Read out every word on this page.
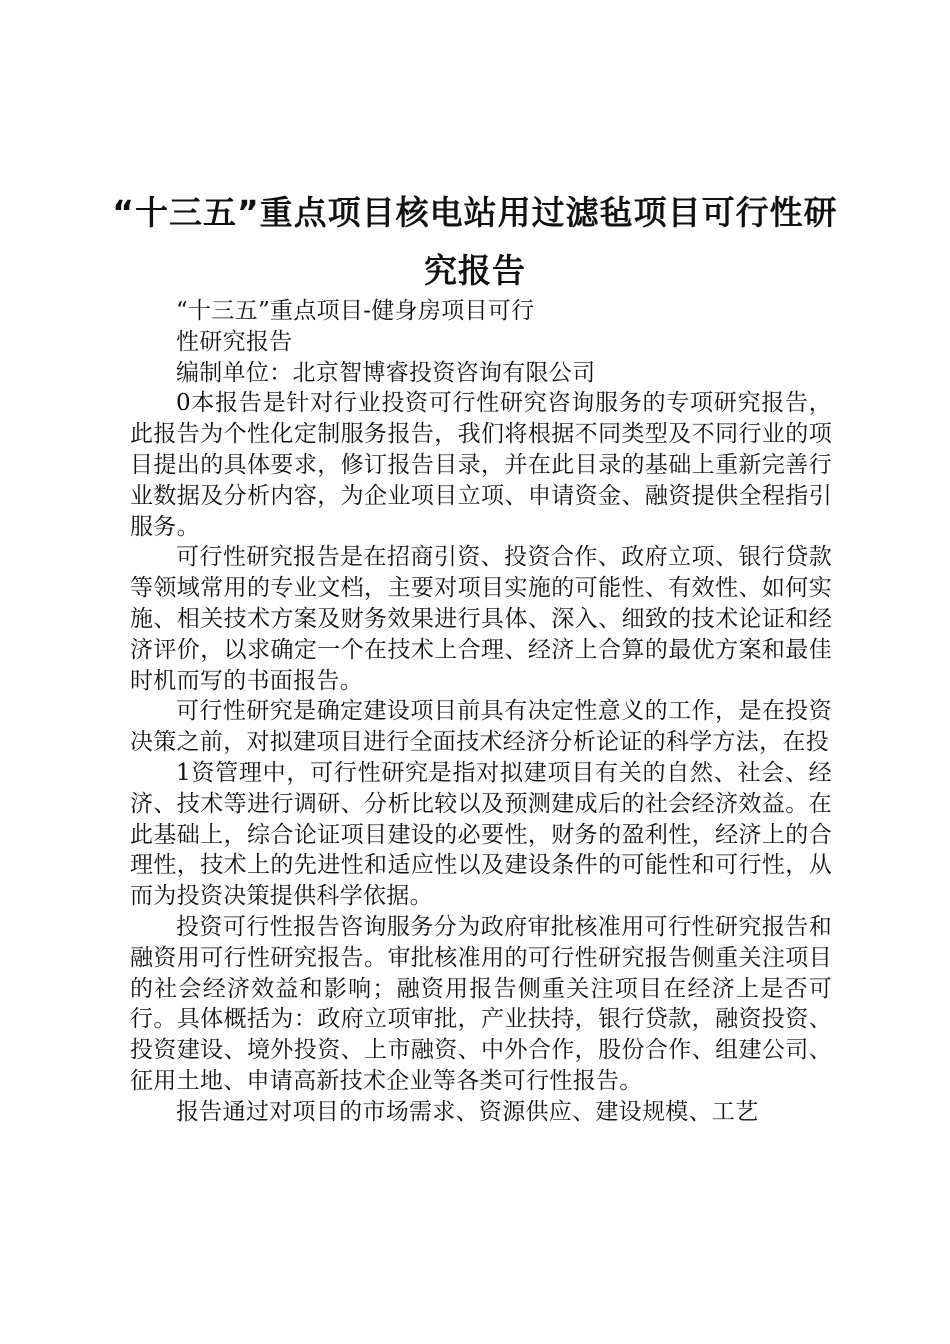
“十三五”重点项目核电站用过滤毡项目可行性研究报告

“十三五”重点项目-健身房项目可行

性研究报告

编制单位：北京智博睿投资咨询有限公司

0本报告是针对行业投资可行性研究咨询服务的专项研究报告，此报告为个性化定制服务报告，我们将根据不同类型及不同行业的项目提出的具体要求，修订报告目录，并在此目录的基础上重新完善行业数据及分析内容，为企业项目立项、申请资金、融资提供全程指引服务。

可行性研究报告是在招商引资、投资合作、政府立项、银行贷款等领域常用的专业文档，主要对项目实施的可能性、有效性、如何实施、相关技术方案及财务效果进行具体、深入、细致的技术论证和经济评价，以求确定一个在技术上合理、经济上合算的最优方案和最佳时机而写的书面报告。

可行性研究是确定建设项目前具有决定性意义的工作，是在投资决策之前，对拟建项目进行全面技术经济分析论证的科学方法，在投

1资管理中，可行性研究是指对拟建项目有关的自然、社会、经济、技术等进行调研、分析比较以及预测建成后的社会经济效益。在此基础上，综合论证项目建设的必要性，财务的盈利性，经济上的合理性，技术上的先进性和适应性以及建设条件的可能性和可行性，从而为投资决策提供科学依据。

投资可行性报告咨询服务分为政府审批核准用可行性研究报告和融资用可行性研究报告。审批核准用的可行性研究报告侧重关注项目的社会经济效益和影响；融资用报告侧重关注项目在经济上是否可行。具体概括为：政府立项审批，产业扶持，银行贷款，融资投资、投资建设、境外投资、上市融资、中外合作，股份合作、组建公司、征用土地、申请高新技术企业等各类可行性报告。

报告通过对项目的市场需求、资源供应、建设规模、工艺
